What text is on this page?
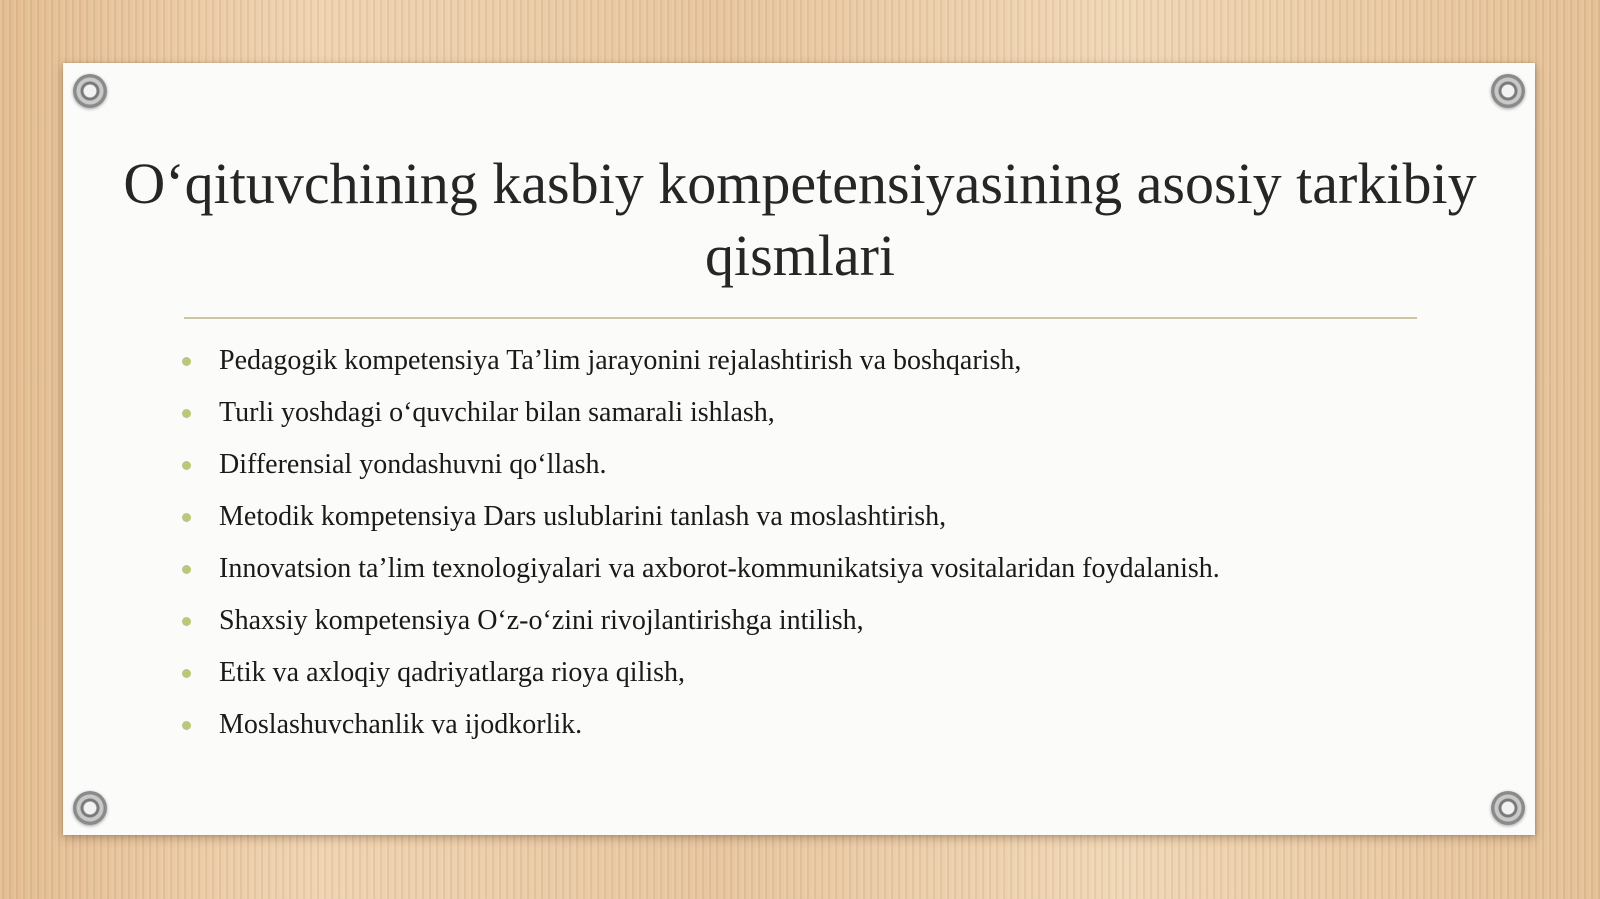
O‘qituvchining kasbiy kompetensiyasining asosiy tarkibiy qismlari
Pedagogik kompetensiya Ta’lim jarayonini rejalashtirish va boshqarish,
Turli yoshdagi o‘quvchilar bilan samarali ishlash,
Differensial yondashuvni qo‘llash.
Metodik kompetensiya Dars uslublarini tanlash va moslashtirish,
Innovatsion ta’lim texnologiyalari va axborot-kommunikatsiya vositalaridan foydalanish.
Shaxsiy kompetensiya O‘z-o‘zini rivojlantirishga intilish,
Etik va axloqiy qadriyatlarga rioya qilish,
Moslashuvchanlik va ijodkorlik.
